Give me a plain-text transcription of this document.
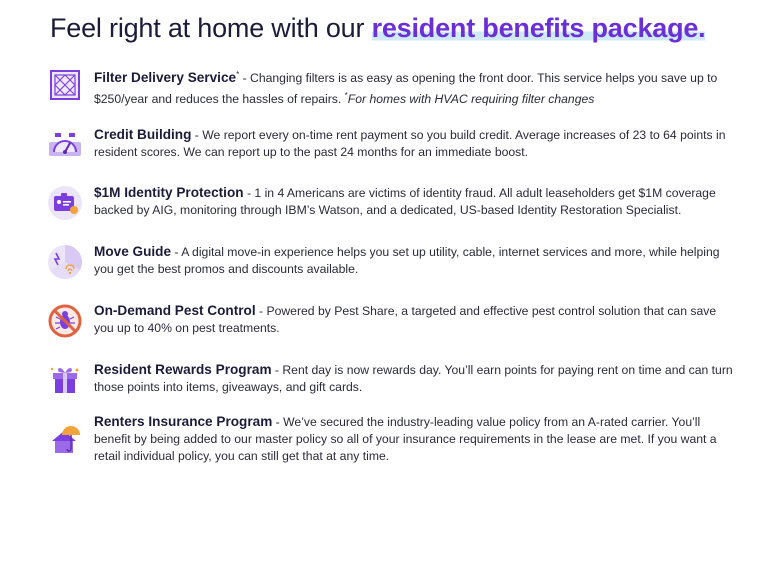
Feel right at home with our resident benefits package.
Filter Delivery Service* - Changing filters is as easy as opening the front door. This service helps you save up to $250/year and reduces the hassles of repairs. *For homes with HVAC requiring filter changes
Credit Building - We report every on-time rent payment so you build credit. Average increases of 23 to 64 points in resident scores. We can report up to the past 24 months for an immediate boost.
$1M Identity Protection - 1 in 4 Americans are victims of identity fraud. All adult leaseholders get $1M coverage backed by AIG, monitoring through IBM’s Watson, and a dedicated, US-based Identity Restoration Specialist.
Move Guide - A digital move-in experience helps you set up utility, cable, internet services and more, while helping you get the best promos and discounts available.
On-Demand Pest Control - Powered by Pest Share, a targeted and effective pest control solution that can save you up to 40% on pest treatments.
Resident Rewards Program - Rent day is now rewards day. You’ll earn points for paying rent on time and can turn those points into items, giveaways, and gift cards.
Renters Insurance Program - We’ve secured the industry-leading value policy from an A-rated carrier. You’ll benefit by being added to our master policy so all of your insurance requirements in the lease are met. If you want a retail individual policy, you can still get that at any time.
